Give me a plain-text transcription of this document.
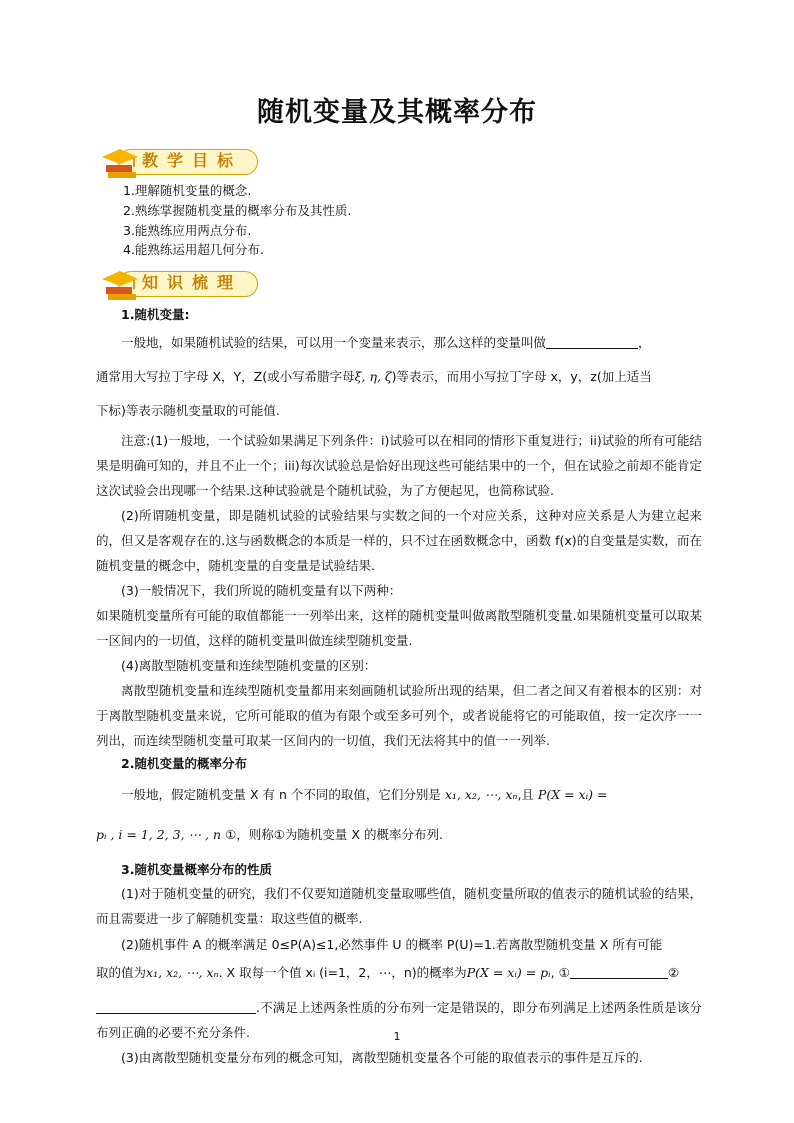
随机变量及其概率分布
教学目标
1.理解随机变量的概念.
2.熟练掌握随机变量的概率分布及其性质.
3.能熟练应用两点分布.
4.能熟练运用超几何分布.
知识梳理
1.随机变量:

一般地，如果随机试验的结果，可以用一个变量来表示，那么这样的变量叫做	，

通常用大写拉丁字母 X，Y，Z(或小写希腊字母ξ, η, ζ)等表示，而用小写拉丁字母 x，y，z(加上适当

下标)等表示随机变量取的可能值.

注意:(1)一般地，一个试验如果满足下列条件：i)试验可以在相同的情形下重复进行；ii)试验的所有可能结果是明确可知的，并且不止一个；iii)每次试验总是恰好出现这些可能结果中的一个，但在试验之前却不能肯定这次试验会出现哪一个结果.这种试验就是个随机试验，为了方便起见，也简称试验.

(2)所谓随机变量，即是随机试验的试验结果与实数之间的一个对应关系，这种对应关系是人为建立起来的，但又是客观存在的.这与函数概念的本质是一样的，只不过在函数概念中，函数 f(x)的自变量是实数，而在随机变量的概念中，随机变量的自变量是试验结果.

(3)一般情况下，我们所说的随机变量有以下两种：

如果随机变量所有可能的取值都能一一列举出来，这样的随机变量叫做离散型随机变量.如果随机变量可以取某一区间内的一切值，这样的随机变量叫做连续型随机变量.

(4)离散型随机变量和连续型随机变量的区别：

离散型随机变量和连续型随机变量都用来刻画随机试验所出现的结果，但二者之间又有着根本的区别：对于离散型随机变量来说，它所可能取的值为有限个或至多可列个，或者说能将它的可能取值，按一定次序一一列出，而连续型随机变量可取某一区间内的一切值，我们无法将其中的值一一列举.

2.随机变量的概率分布

一般地，假定随机变量 X 有 n 个不同的取值，它们分别是 x₁, x₂, ⋯, xₙ,且 P(X = xᵢ) =

pᵢ , i = 1, 2, 3, ⋯ , n ①，则称①为随机变量 X 的概率分布列.

3.随机变量概率分布的性质

(1)对于随机变量的研究，我们不仅要知道随机变量取哪些值，随机变量所取的值表示的随机试验的结果，而且需要进一步了解随机变量：取这些值的概率.

(2)随机事件 A 的概率满足 0≤P(A)≤1,必然事件 U 的概率 P(U)=1.若离散型随机变量 X 所有可能

取的值为x₁, x₂, ⋯, xₙ. X 取每一个值 xᵢ (i=1，2，⋯，n)的概率为P(X = xᵢ) = pᵢ, ①	②

.不满足上述两条性质的分布列一定是错误的，即分布列满足上述两条性质是该分布列正确的必要不充分条件.

(3)由离散型随机变量分布列的概念可知，离散型随机变量各个可能的取值表示的事件是互斥的.

1
